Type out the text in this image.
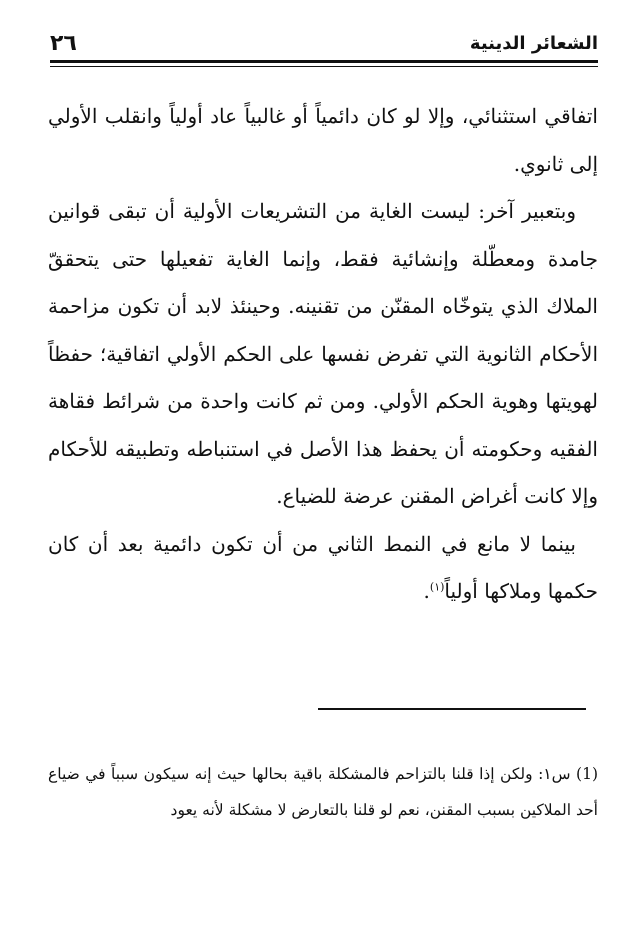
الشعائر الدينية
٢٦

اتفاقي استثنائي، وإلا لو كان دائمياً أو غالبياً عاد أولياً وانقلب الأولي إلى ثانوي.

وبتعبير آخر: ليست الغاية من التشريعات الأولية أن تبقى قوانين جامدة ومعطّلة وإنشائية فقط، وإنما الغاية تفعيلها حتى يتحققّ الملاك الذي يتوخّاه المقنّن من تقنينه. وحينئذ لابد أن تكون مزاحمة الأحكام الثانوية التي تفرض نفسها على الحكم الأولي اتفاقية؛ حفظاً لهويتها وهوية الحكم الأولي. ومن ثم كانت واحدة من شرائط فقاهة الفقيه وحكومته أن يحفظ هذا الأصل في استنباطه وتطبيقه للأحكام وإلا كانت أغراض المقنن عرضة للضياع.

بينما لا مانع في النمط الثاني من أن تكون دائمية بعد أن كان حكمها وملاكها أولياً$^{(١)}$.

(1) س١: ولكن إذا قلنا بالتزاحم فالمشكلة باقية بحالها حيث إنه سيكون سبباً في ضياع أحد الملاكين بسبب المقنن، نعم لو قلنا بالتعارض لا مشكلة لأنه يعود
